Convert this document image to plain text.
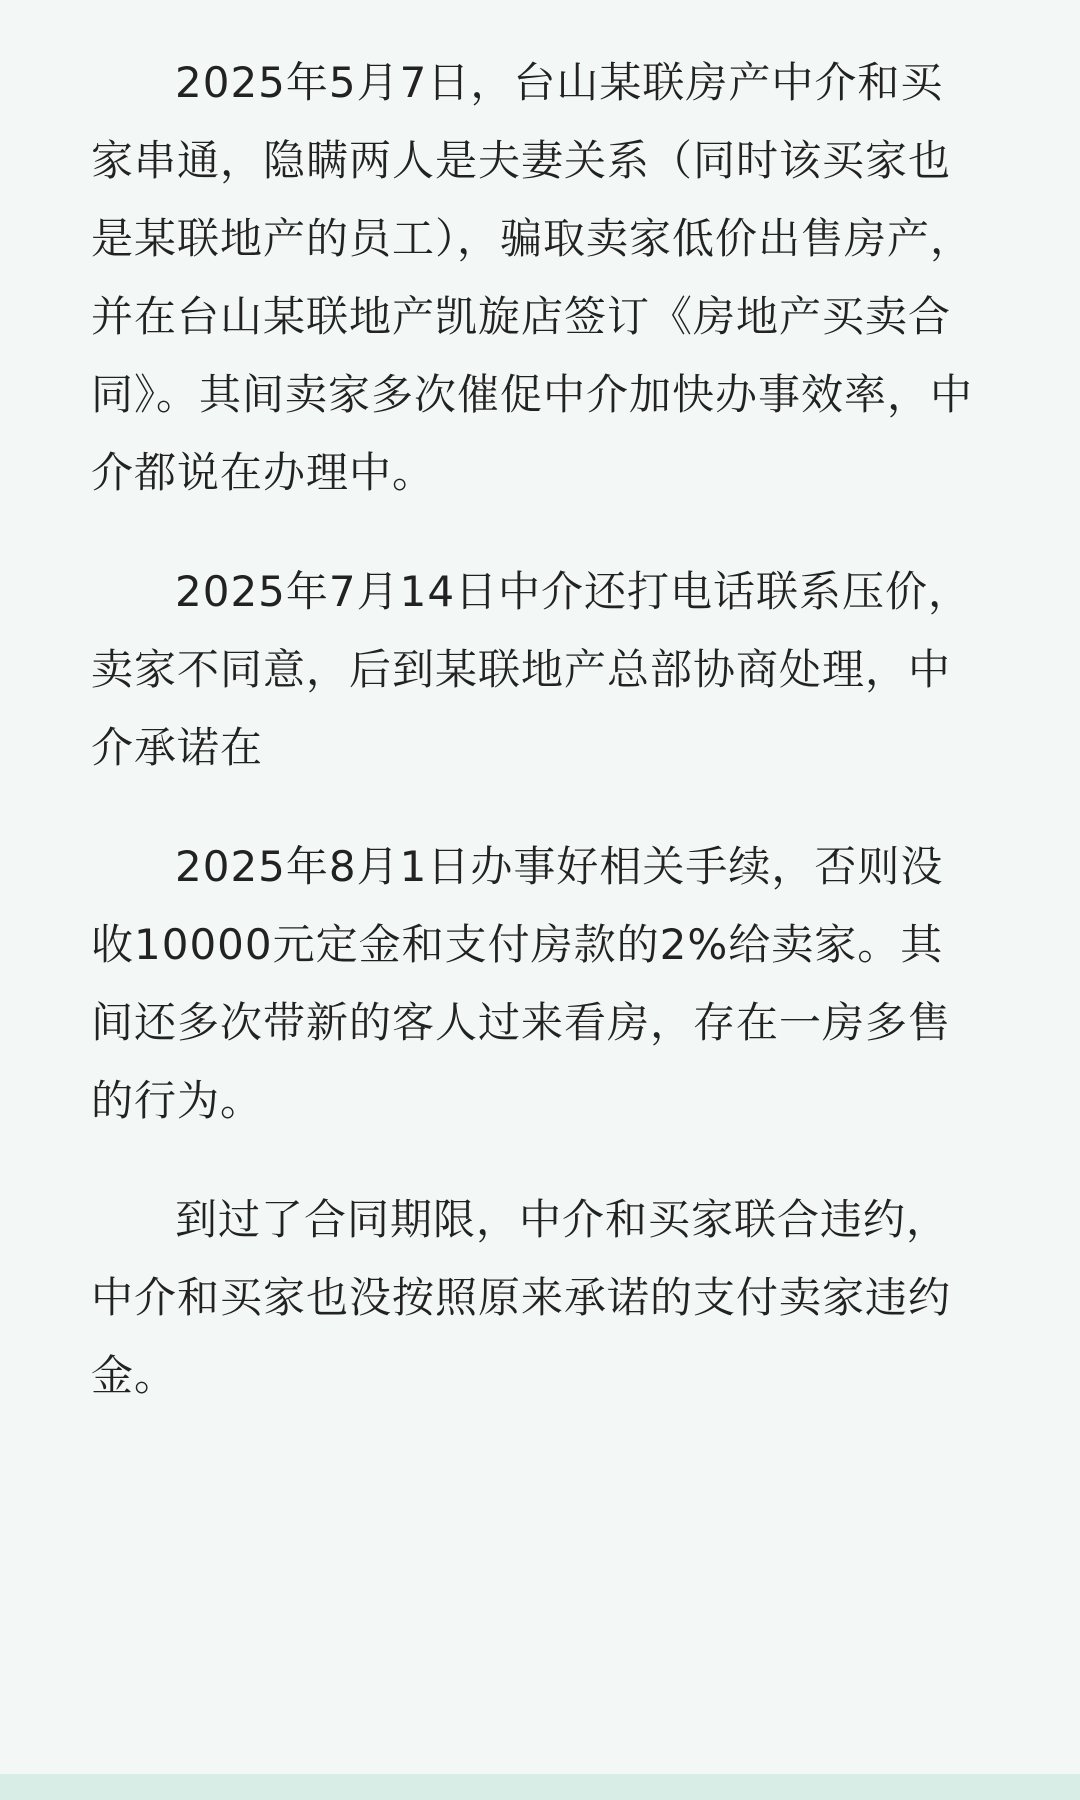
2025年5月7日，台山某联房产中介和买家串通，隐瞒两人是夫妻关系（同时该买家也是某联地产的员工），骗取卖家低价出售房产，并在台山某联地产凯旋店签订《房地产买卖合同》。其间卖家多次催促中介加快办事效率，中介都说在办理中。

2025年7月14日中介还打电话联系压价，卖家不同意，后到某联地产总部协商处理，中介承诺在

2025年8月1日办事好相关手续，否则没收10000元定金和支付房款的2%给卖家。其间还多次带新的客人过来看房，存在一房多售的行为。

到过了合同期限，中介和买家联合违约，中介和买家也没按照原来承诺的支付卖家违约金。
